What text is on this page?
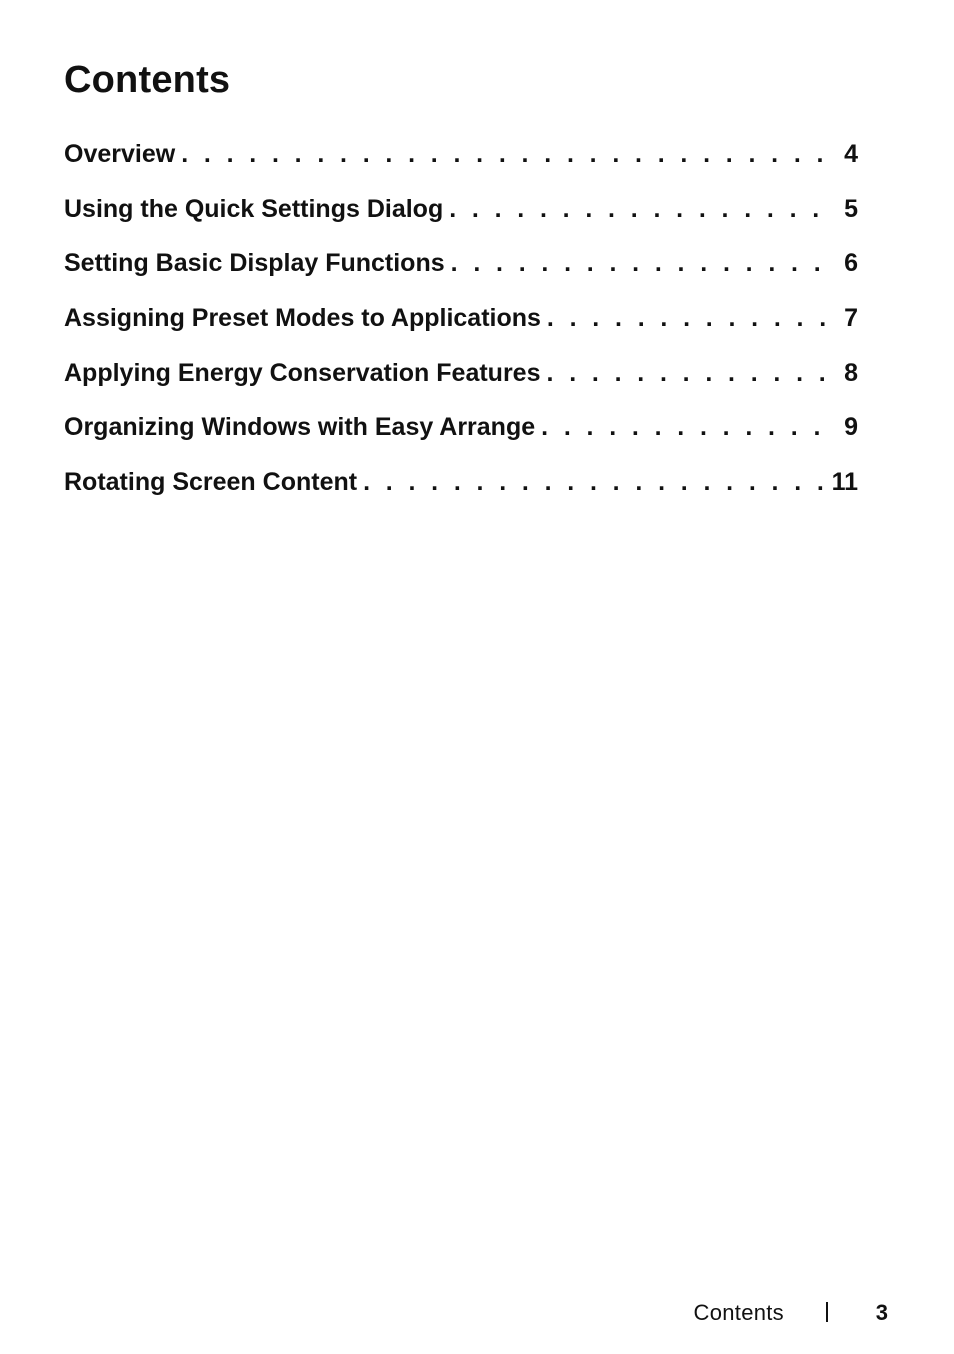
Contents
Overview . . .	4
Using the Quick Settings Dialog . . .	5
Setting Basic Display Functions . . .	6
Assigning Preset Modes to Applications . . .	7
Applying Energy Conservation Features . . .	8
Organizing Windows with Easy Arrange . . .	9
Rotating Screen Content . . .	11
Contents	3
